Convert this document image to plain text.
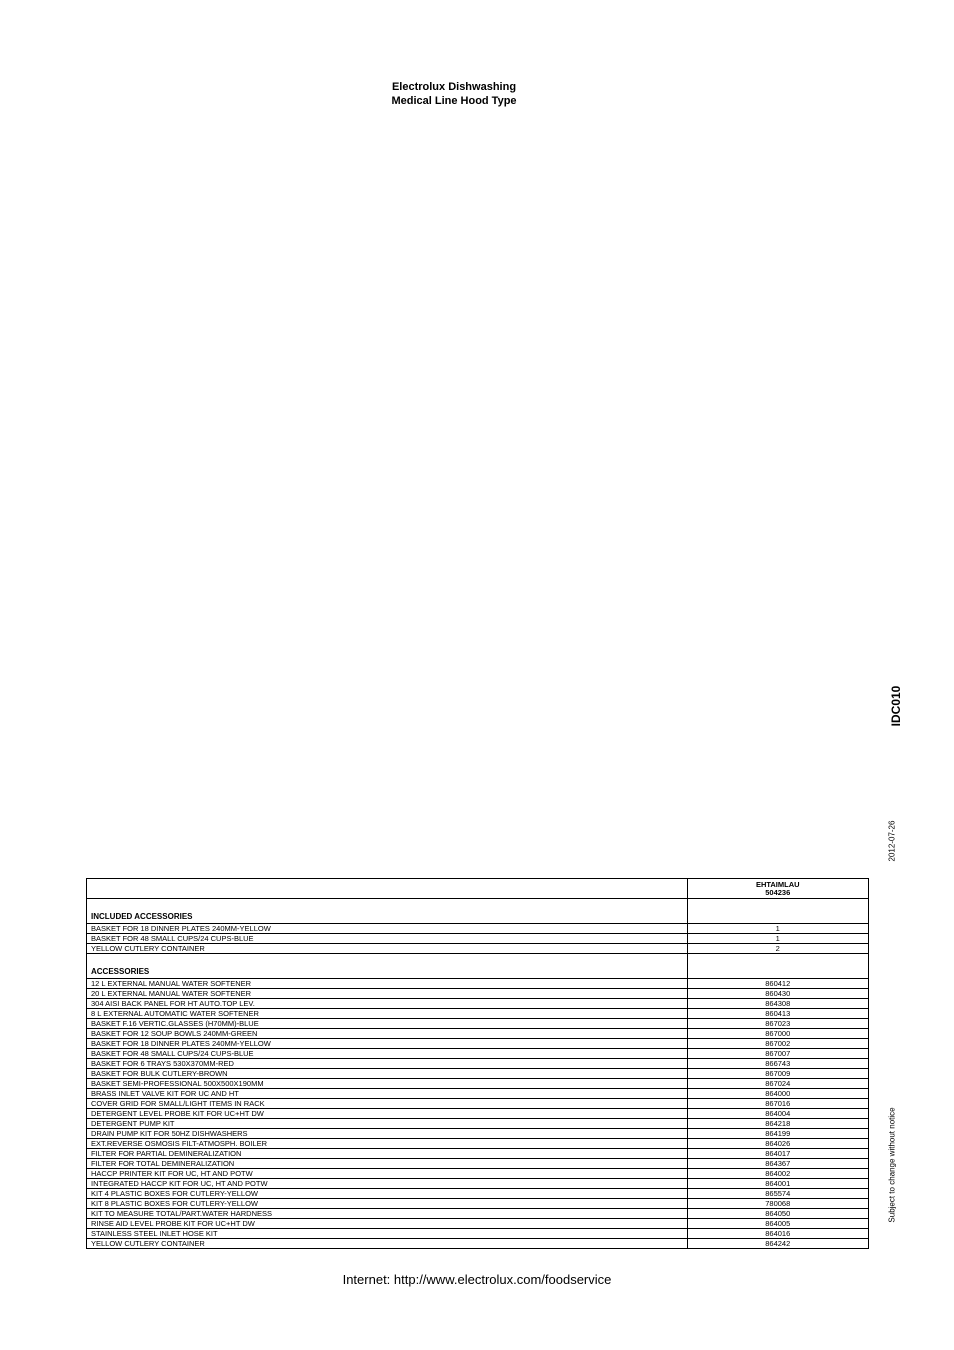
Electrolux Dishwashing
Medical Line Hood Type
IDC010
2012-07-26
Subject to change without notice

	EHTAIMLAU
504236

INCLUDED ACCESSORIES	
BASKET FOR 18 DINNER PLATES 240MM-YELLOW	1
BASKET FOR 48 SMALL CUPS/24 CUPS-BLUE	1
YELLOW CUTLERY CONTAINER	2
ACCESSORIES	
12 L EXTERNAL MANUAL WATER SOFTENER	860412
20 L EXTERNAL MANUAL WATER SOFTENER	860430
304 AISI BACK PANEL FOR HT AUTO.TOP LEV.	864308
8 L EXTERNAL AUTOMATIC WATER SOFTENER	860413
BASKET F.16 VERTIC.GLASSES (H70MM)-BLUE	867023
BASKET FOR 12 SOUP BOWLS 240MM-GREEN	867000
BASKET FOR 18 DINNER PLATES 240MM-YELLOW	867002
BASKET FOR 48 SMALL CUPS/24 CUPS-BLUE	867007
BASKET FOR 6 TRAYS 530X370MM-RED	866743
BASKET FOR BULK CUTLERY-BROWN	867009
BASKET SEMI-PROFESSIONAL 500X500X190MM	867024
BRASS INLET VALVE KIT FOR UC AND HT	864000
COVER GRID FOR SMALL/LIGHT ITEMS IN RACK	867016
DETERGENT LEVEL PROBE KIT FOR UC+HT DW	864004
DETERGENT PUMP KIT	864218
DRAIN PUMP KIT FOR 50HZ DISHWASHERS	864199
EXT.REVERSE OSMOSIS FILT-ATMOSPH. BOILER	864026
FILTER FOR PARTIAL DEMINERALIZATION	864017
FILTER FOR TOTAL DEMINERALIZATION	864367
HACCP PRINTER KIT FOR UC, HT AND POTW	864002
INTEGRATED HACCP KIT FOR UC, HT AND POTW	864001
KIT 4 PLASTIC BOXES FOR CUTLERY-YELLOW	865574
KIT 8 PLASTIC BOXES FOR CUTLERY-YELLOW	780068
KIT TO MEASURE TOTAL/PART.WATER HARDNESS	864050
RINSE AID LEVEL PROBE KIT FOR UC+HT DW	864005
STAINLESS STEEL INLET HOSE KIT	864016
YELLOW CUTLERY CONTAINER	864242
Internet: http://www.electrolux.com/foodservice
